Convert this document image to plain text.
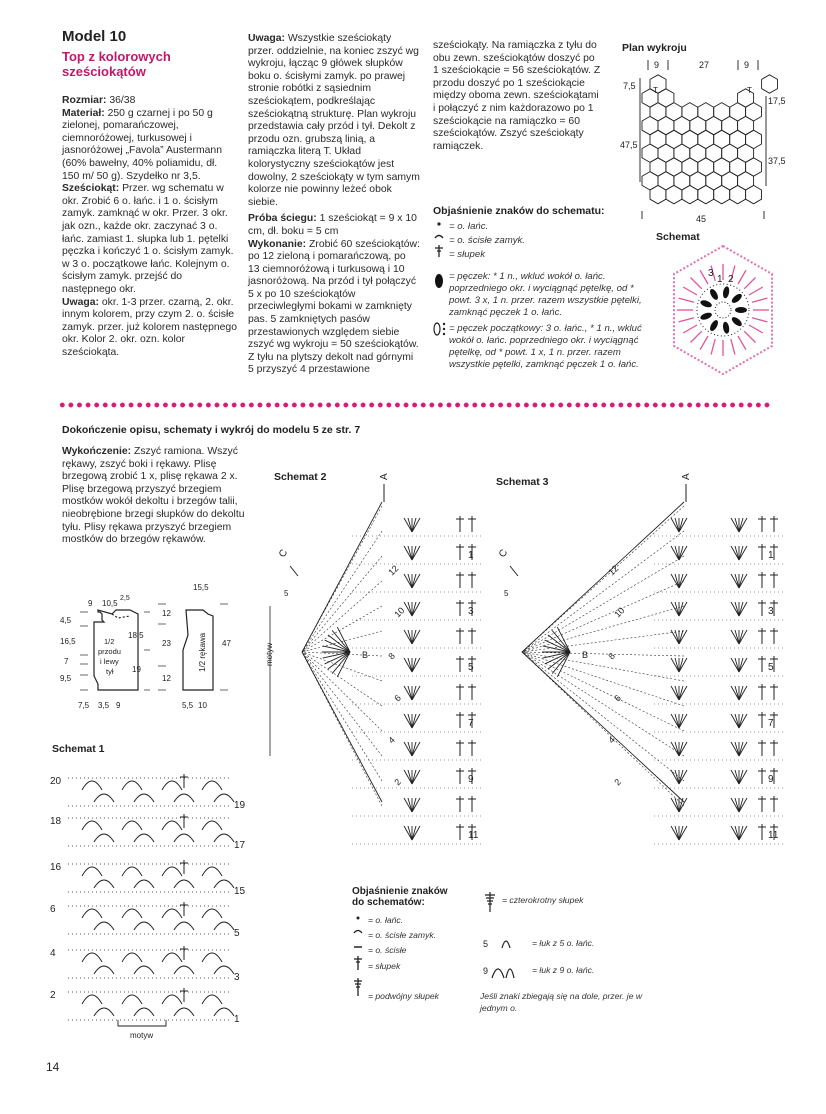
Model 10
Top z kolorowych
sześciokątów

Rozmiar: 36/38

Materiał: 250 g czarnej i po 50 g zielonej, pomarańczowej, ciemnoróżowej, turkusowej i jasnoróżowej „Favola” Austermann (60% bawełny, 40% poliamidu, dł. 150 m/ 50 g). Szydełko nr 3,5.

Sześciokąt: Przer. wg schematu w okr. Zrobić 6 o. łańc. i 1 o. ścisłym zamyk. zamknąć w okr. Przer. 3 okr. jak ozn., każde okr. zaczynać 3 o. łańc. zamiast 1. słupka lub 1. pętelki pęczka i kończyć 1 o. ścisłym zamyk. w 3 o. początkowe łańc. Kolejnym o. ścisłym zamyk. przejść do następnego okr.

Uwaga: okr. 1-3 przer. czarną, 2. okr. innym kolorem, przy czym 2. o. ścisłe zamyk. przer. już kolorem następnego okr. Kolor 2. okr. ozn. kolor sześciokąta.

Uwaga: Wszystkie sześciokąty przer. oddzielnie, na koniec zszyć wg wykroju, łącząc 9 główek słupków boku o. ścisłymi zamyk. po prawej stronie robótki z sąsiednim sześciokątem, podkreślając sześciokątną strukturę. Plan wykroju przedstawia cały przód i tył. Dekolt z przodu ozn. grubszą linią, a ramiączka literą T. Układ kolorystyczny sześciokątów jest dowolny, 2 sześciokąty w tym samym kolorze nie powinny leżeć obok siebie.

Próba ściegu: 1 sześciokąt = 9 x 10 cm, dł. boku = 5 cm

Wykonanie: Zrobić 60 sześciokątów: po 12 zieloną i pomarańczową, po 13 ciemnoróżową i turkusową i 10 jasnoróżową. Na przód i tył połączyć 5 x po 10 sześciokątów przeciwległymi bokami w zamknięty pas. 5 zamkniętych pasów przestawionych względem siebie zszyć wg wykroju = 50 sześciokątów. Z tyłu na plytszy dekolt nad górnymi 5 przyszyć 4 przestawione

sześciokąty. Na ramiączka z tyłu do obu zewn. sześciokątów doszyć po 1 sześciokącie = 56 sześciokątów. Z przodu doszyć po 1 sześciokącie między oboma zewn. sześciokątami i połączyć z nim każdorazowo po 1 sześciokącie na ramiączko = 60 sześciokątów. Zszyć sześciokąty ramiączek.

Objaśnienie znaków do schematu:
= o. łańc.
= o. ścisłe zamyk.
= słupek
= pęczek: * 1 n., wkluć wokół o. łańc. poprzedniego okr. i wyciągnąć pętelkę, od * powt. 3 x, 1 n. przer. razem wszystkie pętelki, zamknąć pęczek 1 o. łańc.
= pęczek początkowy: 3 o. łańc., * 1 n., wkluć wokół o. łańc. poprzedniego okr. i wyciągnąć pętelkę, od * powt. 1 x, 1 n. przer. razem wszystkie pętelki, zamknąć pęczek 1 o. łańc.
Plan wykroju
9	27	9
7,5
17,5
47,5
37,5
45
T	T
Schemat
1 2
3
Dokończenie opisu, schematy i wykrój do modelu 5 ze str. 7

Wykończenie: Zszyć ramiona. Wszyć rękawy, zszyć boki i rękawy. Plisę brzegową zrobić 1 x, plisę rękawa 2 x. Plisę brzegową przyszyć brzegiem mostków wokół dekoltu i brzegów talii, nieobrębione brzegi słupków do dekoltu tyłu. Plisy rękawa przyszyć brzegiem mostków do brzegów rękawów.

9 10,5
2,5
4,5
16,5
7
9,5
18,5
19
7,5 3,5 9
1/2
przodu
i lewy
tył
15,5
12
23
12
47
5,5 10
1/2 rękawa
Schemat 1
20
19
18
17
16
15
6
5
4
3
2
1
motyw
Schemat 2
11
9
7
5
3
1
12
10
8
6
4
2
A
B
C
5
motyw
Schemat 3
11
9
7
5
3
1
12
10
8
6
4
2
A
B
C
5
Objaśnienie znaków
do schematów:
= o. łańc.
= o. ścisłe zamyk.
= o. ścisłe
= słupek
= podwójny słupek
5
9
= czterokrotny słupek
= łuk z 5 o. łańc.
= łuk z 9 o. łańc.
Jeśli znaki zbiegają się na dole, przer. je w jednym o.
14
